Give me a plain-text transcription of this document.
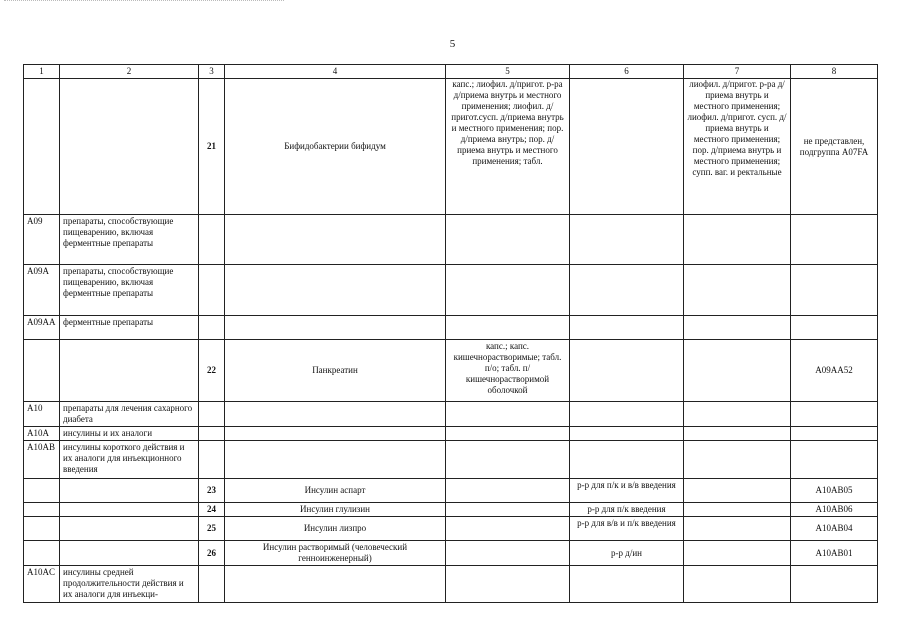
5
1	2	3	4	5	6	7	8
		21	Бифидобактерии бифидум	капс.; лиофил. д/пригот. р-ра д/приема внутрь и местного применения; лиофил. д/пригот.сусп. д/приема внутрь и местного применения; пор. д/приема внутрь; пор. д/приема внутрь и местного применения; табл.		лиофил. д/пригот. р-ра д/приема внутрь и местного применения; лиофил. д/пригот. сусп. д/приема внутрь и местного применения; пор. д/приема внутрь и местного применения; супп. ваг. и ректальные	не представлен, подгруппа A07FA
A09	препараты, способствующие пищеварению, включая ферментные препараты						
A09A	препараты, способствующие пищеварению, включая ферментные препараты						
A09AA	ферментные препараты						
		22	Панкреатин	капс.; капс. кишечнорастворимые; табл. п/о; табл. п/кишечнорастворимой оболочкой			A09AA52
A10	препараты для лечения сахарного диабета						
A10A	инсулины и их аналоги						
A10AB	инсулины короткого действия и их аналоги для инъекционного введения						
		23	Инсулин аспарт		р-р для п/к и в/в введения		A10AB05
		24	Инсулин глулизин		р-р для п/к введения		A10AB06
		25	Инсулин лизпро		р-р для в/в и п/к введения		A10AB04
		26	Инсулин растворимый (человеческий генноинженерный)		р-р д/ин		A10AB01
A10AC	инсулины средней продолжительности действия и их аналоги для инъекци-						
